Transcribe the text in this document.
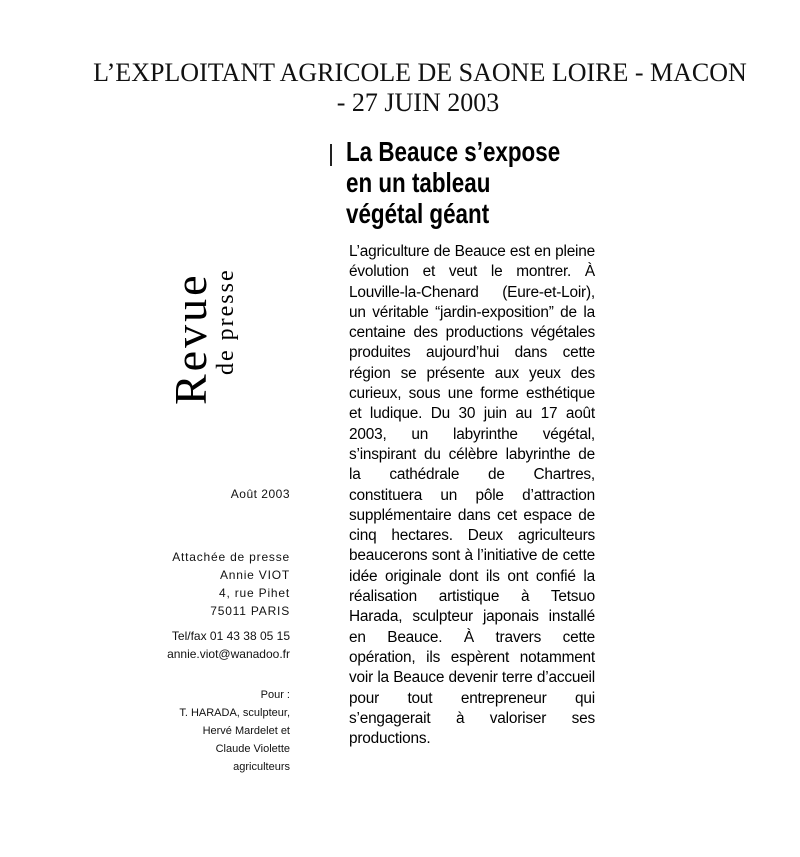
L’EXPLOITANT AGRICOLE DE SAONE LOIRE - MACON
- 27 JUIN 2003
Revue
de presse
Août 2003
Attachée de presse
Annie VIOT
4, rue Pihet
75011 PARIS
Tel/fax 01 43 38 05 15
annie.viot@wanadoo.fr
Pour :
T. HARADA, sculpteur,
Hervé Mardelet et
Claude Violette
agriculteurs
La Beauce s’expose
en un tableau
végétal géant
L’agriculture de Beauce est en pleine évolution et veut le montrer. À Louville-la-Chenard (Eure-et-Loir), un véritable “jardin-exposition” de la centaine des productions végétales produites aujourd’hui dans cette région se présente aux yeux des curieux, sous une forme esthétique et ludique. Du 30 juin au 17 août 2003, un labyrinthe végétal, s’inspirant du célèbre labyrinthe de la cathédrale de Chartres, constituera un pôle d’attraction supplémentaire dans cet espace de cinq hectares. Deux agriculteurs beaucerons sont à l’initiative de cette idée originale dont ils ont confié la réalisation artistique à Tetsuo Harada, sculpteur japonais installé en Beauce. À travers cette opération, ils espèrent notamment voir la Beauce devenir terre d’accueil pour tout entrepreneur qui s’engagerait à valoriser ses productions.
